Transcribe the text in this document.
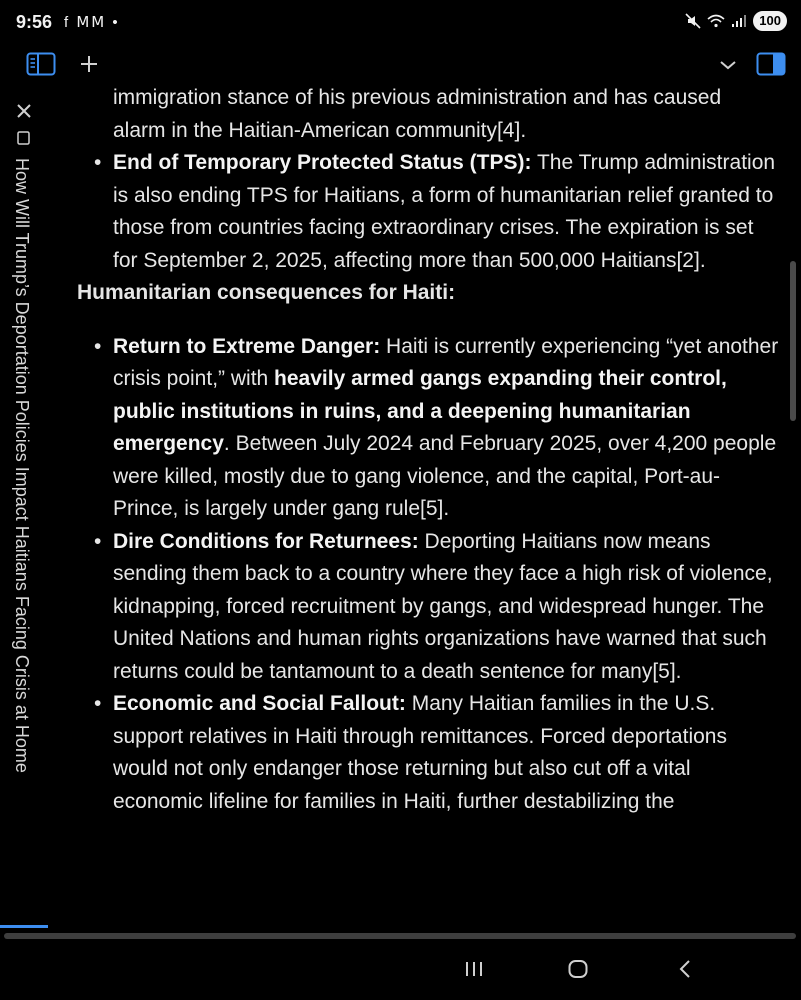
9:56 f ⅯⅯ •	100
How Will Trump’s Deportation Policies Impact Haitians Facing Crisis at Home

immigration stance of his previous administration and has caused

alarm in the Haitian-American community[4].

• End of Temporary Protected Status (TPS): The Trump administration is also ending TPS for Haitians, a form of humanitarian relief granted to those from countries facing extraordinary crises. The expiration is set for September 2, 2025, affecting more than 500,000 Haitians[2].

Humanitarian consequences for Haiti:

• Return to Extreme Danger: Haiti is currently experiencing “yet another crisis point,” with heavily armed gangs expanding their control, public institutions in ruins, and a deepening humanitarian emergency. Between July 2024 and February 2025, over 4,200 people were killed, mostly due to gang violence, and the capital, Port-au-Prince, is largely under gang rule[5].
• Dire Conditions for Returnees: Deporting Haitians now means sending them back to a country where they face a high risk of violence, kidnapping, forced recruitment by gangs, and widespread hunger. The United Nations and human rights organizations have warned that such returns could be tantamount to a death sentence for many[5].
• Economic and Social Fallout: Many Haitian families in the U.S. support relatives in Haiti through remittances. Forced deportations would not only endanger those returning but also cut off a vital economic lifeline for families in Haiti, further destabilizing the
